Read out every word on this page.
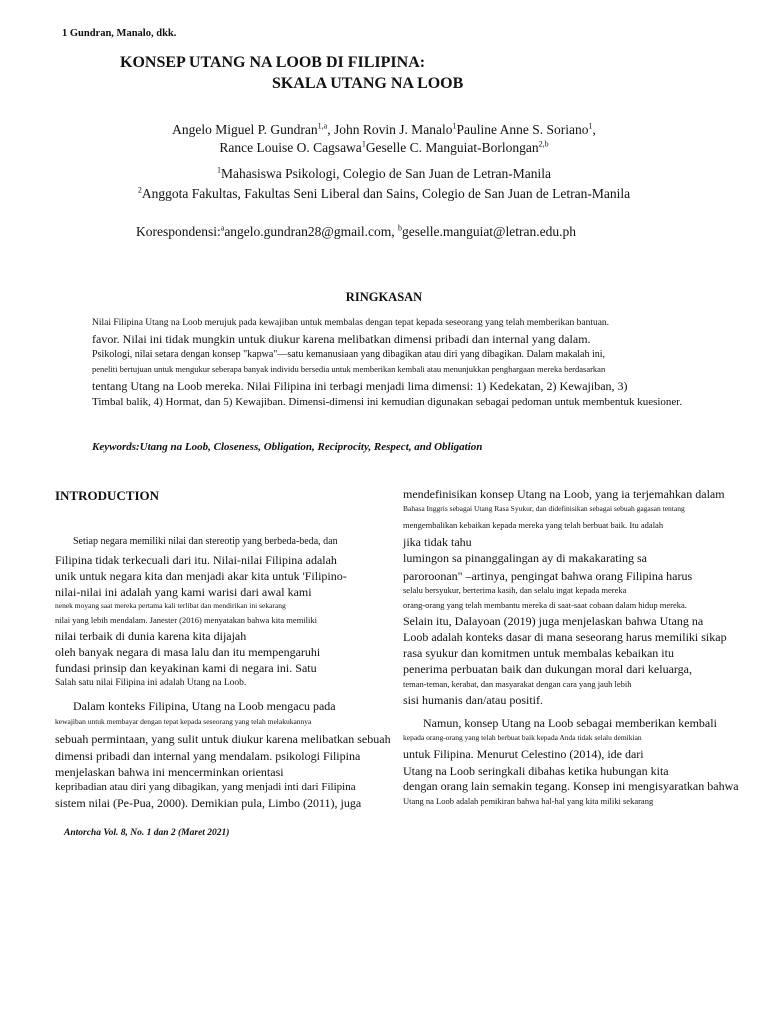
1 Gundran, Manalo, dkk.
KONSEP UTANG NA LOOB DI FILIPINA:
SKALA UTANG NA LOOB
Angelo Miguel P. Gundran$^{1,a}$, John Rovin J. Manalo$^1$Pauline Anne S. Soriano$^1$,
Rance Louise O. Cagsawa$^1$Geselle C. Manguiat-Borlongan$^{2,b}$
$^1$Mahasiswa Psikologi, Colegio de San Juan de Letran-Manila
$^2$Anggota Fakultas, Fakultas Seni Liberal dan Sains, Colegio de San Juan de Letran-Manila
Korespondensi:$^a$angelo.gundran28@gmail.com, $^b$geselle.manguiat@letran.edu.ph
RINGKASAN
Nilai Filipina Utang na Loob merujuk pada kewajiban untuk membalas dengan tepat kepada seseorang yang telah memberikan bantuan.
favor. Nilai ini tidak mungkin untuk diukur karena melibatkan dimensi pribadi dan internal yang dalam.
Psikologi, nilai setara dengan konsep "kapwa"—satu kemanusiaan yang dibagikan atau diri yang dibagikan. Dalam makalah ini,
peneliti bertujuan untuk mengukur seberapa banyak individu bersedia untuk memberikan kembali atau menunjukkan penghargaan mereka berdasarkan
tentang Utang na Loob mereka. Nilai Filipina ini terbagi menjadi lima dimensi: 1) Kedekatan, 2) Kewajiban, 3)
Timbal balik, 4) Hormat, dan 5) Kewajiban. Dimensi-dimensi ini kemudian digunakan sebagai pedoman untuk membentuk kuesioner.
Keywords:Utang na Loob, Closeness, Obligation, Reciprocity, Respect, and Obligation
INTRODUCTION
Setiap negara memiliki nilai dan stereotip yang berbeda-beda, dan
Filipina tidak terkecuali dari itu. Nilai-nilai Filipina adalah
unik untuk negara kita dan menjadi akar kita untuk 'Filipino-
nilai-nilai ini adalah yang kami warisi dari awal kami
nenek moyang saat mereka pertama kali terlibat dan mendirikan ini sekarang
nilai yang lebih mendalam. Janester (2016) menyatakan bahwa kita memiliki
nilai terbaik di dunia karena kita dijajah
oleh banyak negara di masa lalu dan itu mempengaruhi
fundasi prinsip dan keyakinan kami di negara ini. Satu
Salah satu nilai Filipina ini adalah Utang na Loob.
Dalam konteks Filipina, Utang na Loob mengacu pada
kewajiban untuk membayar dengan tepat kepada seseorang yang telah melakukannya
sebuah permintaan, yang sulit untuk diukur karena melibatkan sebuah
dimensi pribadi dan internal yang mendalam. psikologi Filipina
menjelaskan bahwa ini mencerminkan orientasi
kepribadian atau diri yang dibagikan, yang menjadi inti dari Filipina
sistem nilai (Pe-Pua, 2000). Demikian pula, Limbo (2011), juga
mendefinisikan konsep Utang na Loob, yang ia terjemahkan dalam
Bahasa Inggris sebagai Utang Rasa Syukur, dan didefinisikan sebagai sebuah gagasan tentang
mengembalikan kebaikan kepada mereka yang telah berbuat baik. Itu adalah
jika tidak tahu
lumingon sa pinanggalingan ay di makakarating sa
paroroonan" –artinya, pengingat bahwa orang Filipina harus
selalu bersyukur, berterima kasih, dan selalu ingat kepada mereka
orang-orang yang telah membantu mereka di saat-saat cobaan dalam hidup mereka.
Selain itu, Dalayoan (2019) juga menjelaskan bahwa Utang na
Loob adalah konteks dasar di mana seseorang harus memiliki sikap
rasa syukur dan komitmen untuk membalas kebaikan itu
penerima perbuatan baik dan dukungan moral dari keluarga,
teman-teman, kerabat, dan masyarakat dengan cara yang jauh lebih
sisi humanis dan/atau positif.
Namun, konsep Utang na Loob sebagai memberikan kembali
kepada orang-orang yang telah berbuat baik kepada Anda tidak selalu demikian
untuk Filipina. Menurut Celestino (2014), ide dari
Utang na Loob seringkali dibahas ketika hubungan kita
dengan orang lain semakin tegang. Konsep ini mengisyaratkan bahwa
Utang na Loob adalah pemikiran bahwa hal-hal yang kita miliki sekarang
Antorcha Vol. 8, No. 1 dan 2 (Maret 2021)
